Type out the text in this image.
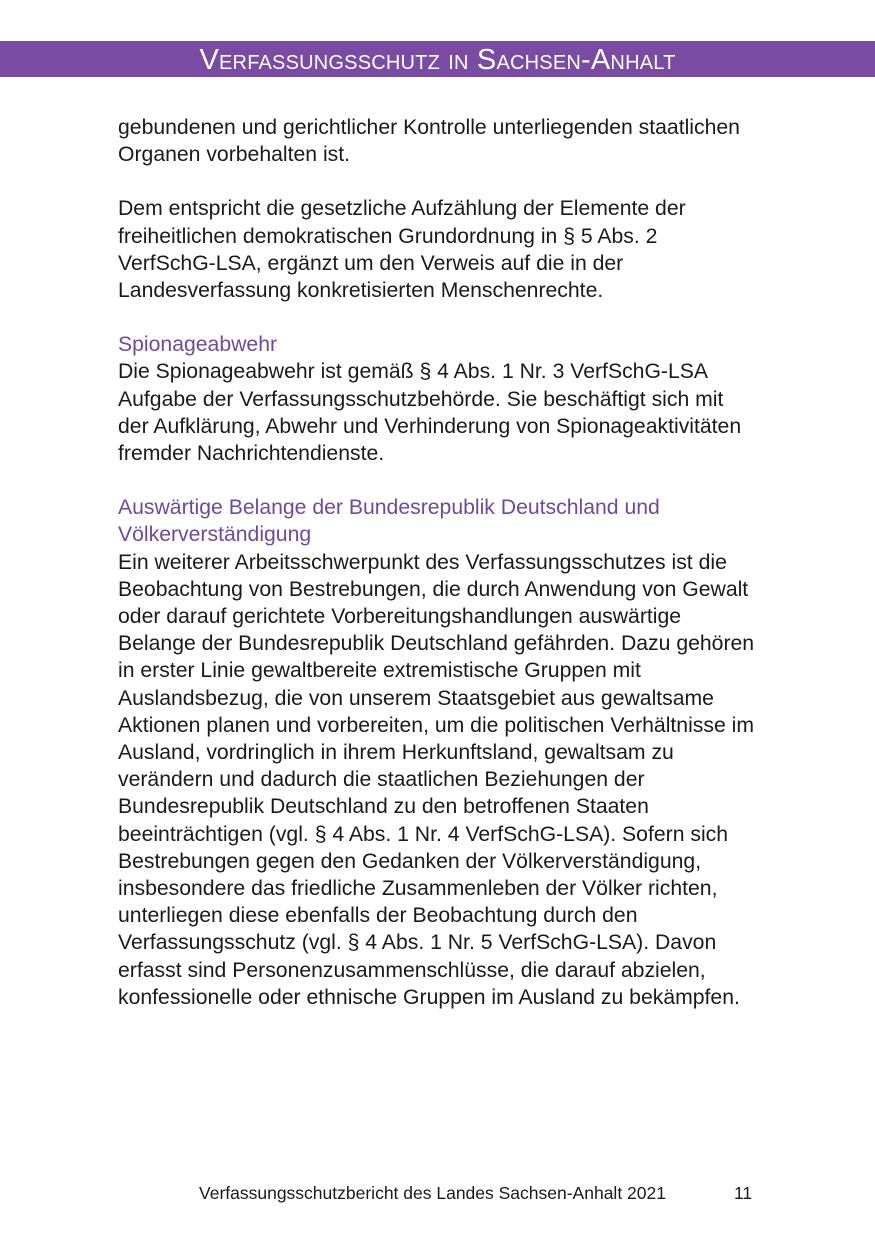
Verfassungsschutz in Sachsen-Anhalt

gebundenen und gerichtlicher Kontrolle unterliegenden staatlichen Organen vorbehalten ist.

Dem entspricht die gesetzliche Aufzählung der Elemente der freiheitlichen demokratischen Grundordnung in § 5 Abs. 2 VerfSchG-LSA, ergänzt um den Verweis auf die in der Landesverfassung konkretisierten Menschenrechte.

Spionageabwehr

Die Spionageabwehr ist gemäß § 4 Abs. 1 Nr. 3 VerfSchG-LSA Aufgabe der Verfassungsschutzbehörde. Sie beschäftigt sich mit der Aufklärung, Abwehr und Verhinderung von Spionageaktivitäten fremder Nachrichtendienste.

Auswärtige Belange der Bundesrepublik Deutschland und Völkerverständigung

Ein weiterer Arbeitsschwerpunkt des Verfassungsschutzes ist die Beobachtung von Bestrebungen, die durch Anwendung von Gewalt oder darauf gerichtete Vorbereitungshandlungen auswärtige Belange der Bundesrepublik Deutschland gefährden. Dazu gehören in erster Linie gewaltbereite extremistische Gruppen mit Auslandsbezug, die von unserem Staatsgebiet aus gewaltsame Aktionen planen und vorbereiten, um die politischen Verhältnisse im Ausland, vordringlich in ihrem Herkunftsland, gewaltsam zu verändern und dadurch die staatlichen Beziehungen der Bundesrepublik Deutschland zu den betroffenen Staaten beeinträchtigen (vgl. § 4 Abs. 1 Nr. 4 VerfSchG-LSA). Sofern sich Bestrebungen gegen den Gedanken der Völkerverständigung, insbesondere das friedliche Zusammenleben der Völker richten, unterliegen diese ebenfalls der Beobachtung durch den Verfassungsschutz (vgl. § 4 Abs. 1 Nr. 5 VerfSchG-LSA). Davon erfasst sind Personenzusammenschlüsse, die darauf abzielen, konfessionelle oder ethnische Gruppen im Ausland zu bekämpfen.

Verfassungsschutzbericht des Landes Sachsen-Anhalt 2021	11
